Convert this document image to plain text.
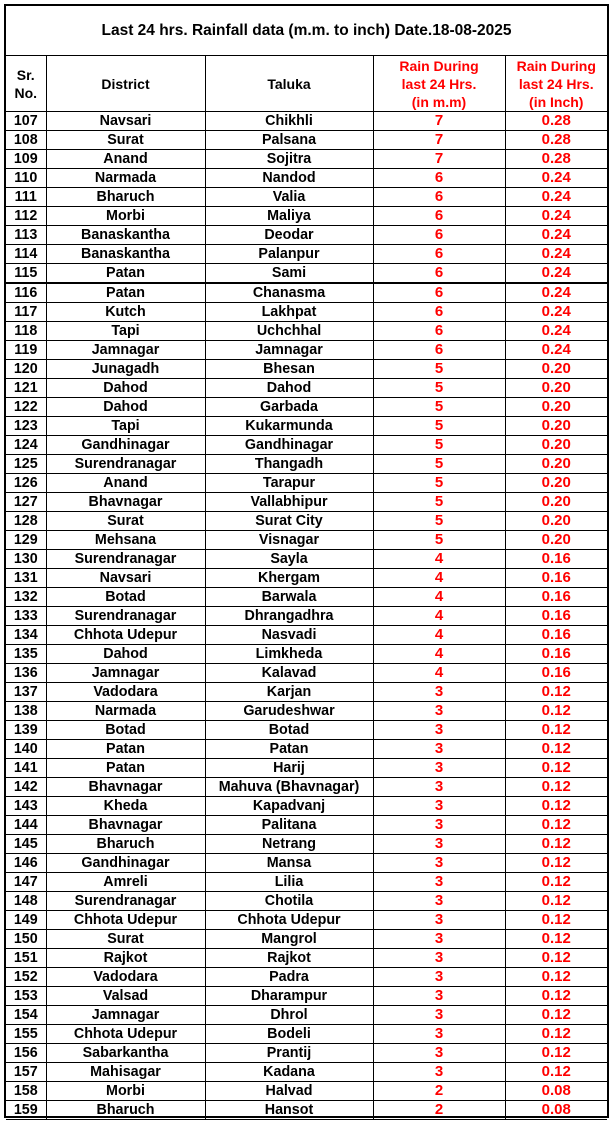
Last 24 hrs. Rainfall data (m.m. to inch) Date.18-08-2025
Sr.
No.	District	Taluka	Rain During
last 24 Hrs.
(in m.m)	Rain During
last 24 Hrs.
(in Inch)

107	Navsari	Chikhli	7	0.28
108	Surat	Palsana	7	0.28
109	Anand	Sojitra	7	0.28
110	Narmada	Nandod	6	0.24
111	Bharuch	Valia	6	0.24
112	Morbi	Maliya	6	0.24
113	Banaskantha	Deodar	6	0.24
114	Banaskantha	Palanpur	6	0.24
115	Patan	Sami	6	0.24
116	Patan	Chanasma	6	0.24
117	Kutch	Lakhpat	6	0.24
118	Tapi	Uchchhal	6	0.24
119	Jamnagar	Jamnagar	6	0.24
120	Junagadh	Bhesan	5	0.20
121	Dahod	Dahod	5	0.20
122	Dahod	Garbada	5	0.20
123	Tapi	Kukarmunda	5	0.20
124	Gandhinagar	Gandhinagar	5	0.20
125	Surendranagar	Thangadh	5	0.20
126	Anand	Tarapur	5	0.20
127	Bhavnagar	Vallabhipur	5	0.20
128	Surat	Surat City	5	0.20
129	Mehsana	Visnagar	5	0.20
130	Surendranagar	Sayla	4	0.16
131	Navsari	Khergam	4	0.16
132	Botad	Barwala	4	0.16
133	Surendranagar	Dhrangadhra	4	0.16
134	Chhota Udepur	Nasvadi	4	0.16
135	Dahod	Limkheda	4	0.16
136	Jamnagar	Kalavad	4	0.16
137	Vadodara	Karjan	3	0.12
138	Narmada	Garudeshwar	3	0.12
139	Botad	Botad	3	0.12
140	Patan	Patan	3	0.12
141	Patan	Harij	3	0.12
142	Bhavnagar	Mahuva (Bhavnagar)	3	0.12
143	Kheda	Kapadvanj	3	0.12
144	Bhavnagar	Palitana	3	0.12
145	Bharuch	Netrang	3	0.12
146	Gandhinagar	Mansa	3	0.12
147	Amreli	Lilia	3	0.12
148	Surendranagar	Chotila	3	0.12
149	Chhota Udepur	Chhota Udepur	3	0.12
150	Surat	Mangrol	3	0.12
151	Rajkot	Rajkot	3	0.12
152	Vadodara	Padra	3	0.12
153	Valsad	Dharampur	3	0.12
154	Jamnagar	Dhrol	3	0.12
155	Chhota Udepur	Bodeli	3	0.12
156	Sabarkantha	Prantij	3	0.12
157	Mahisagar	Kadana	3	0.12
158	Morbi	Halvad	2	0.08
159	Bharuch	Hansot	2	0.08
